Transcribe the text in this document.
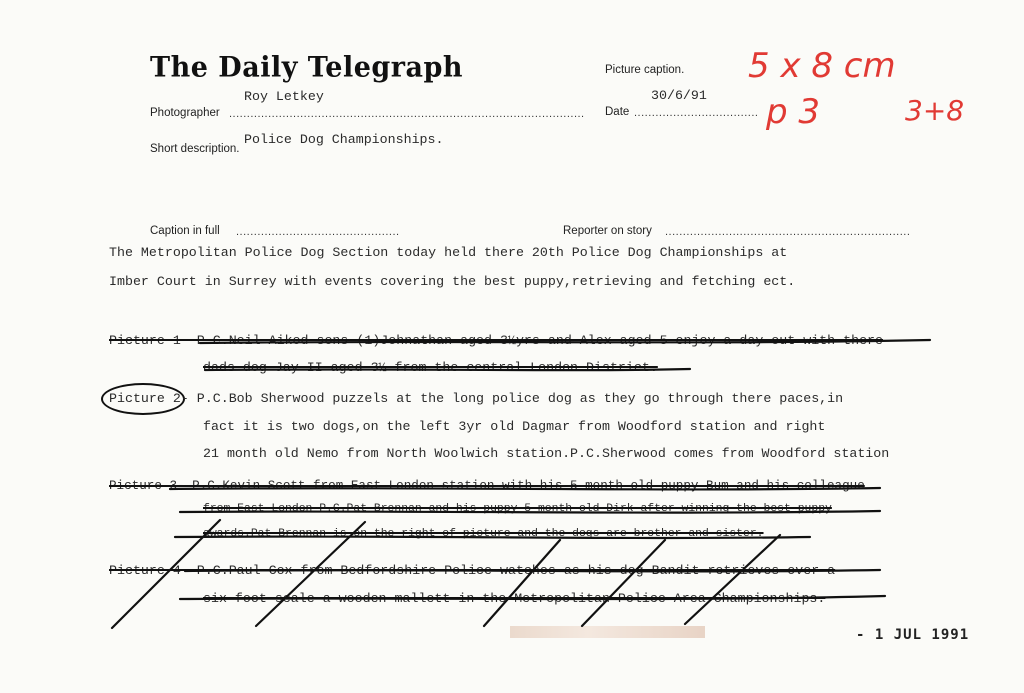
The Daily Telegraph
Roy Letkey
Photographer ....................................................................................................
Short description.
Police Dog Championships.
Picture caption.
30/6/91
Date ...................................
5 x 8 cm
p 3	3+8
Caption in full ..............................................	Reporter on story .....................................................................
The Metropolitan Police Dog Section today held there 20th Police Dog Championships at
Imber Court in Surrey with events covering the best puppy,retrieving and fetching ect.
Picture 1- P.C.Neil Aikod sons (1)Johnathan aged 3½yrs and Alex aged 5 enjoy a day out with there
dads dog Jay II aged 3½ from the central London District.
Picture 2- P.C.Bob Sherwood puzzels at the long police dog as they go through there paces,in
fact it is two dogs,on the left 3yr old Dagmar from Woodford station and right
21 month old Nemo from North Woolwich station.P.C.Sherwood comes from Woodford station
Picture 3- P.C.Kevin Scott from East London station with his 5 month old puppy Bum and his colleague
from East London P.C.Pat Brennan and his puppy 5 month old Dirk after winning the best puppy
awards.Pat Brennan is on the right of picture and the dogs are brother and sister.
Picture 4- P.C.Paul Cox from Bedfordshire Police watches as his dog Bandit retrieves over a
six foot scale a wooden mallett in the Metropolitan Police Area Championships.
- 1 JUL 1991
